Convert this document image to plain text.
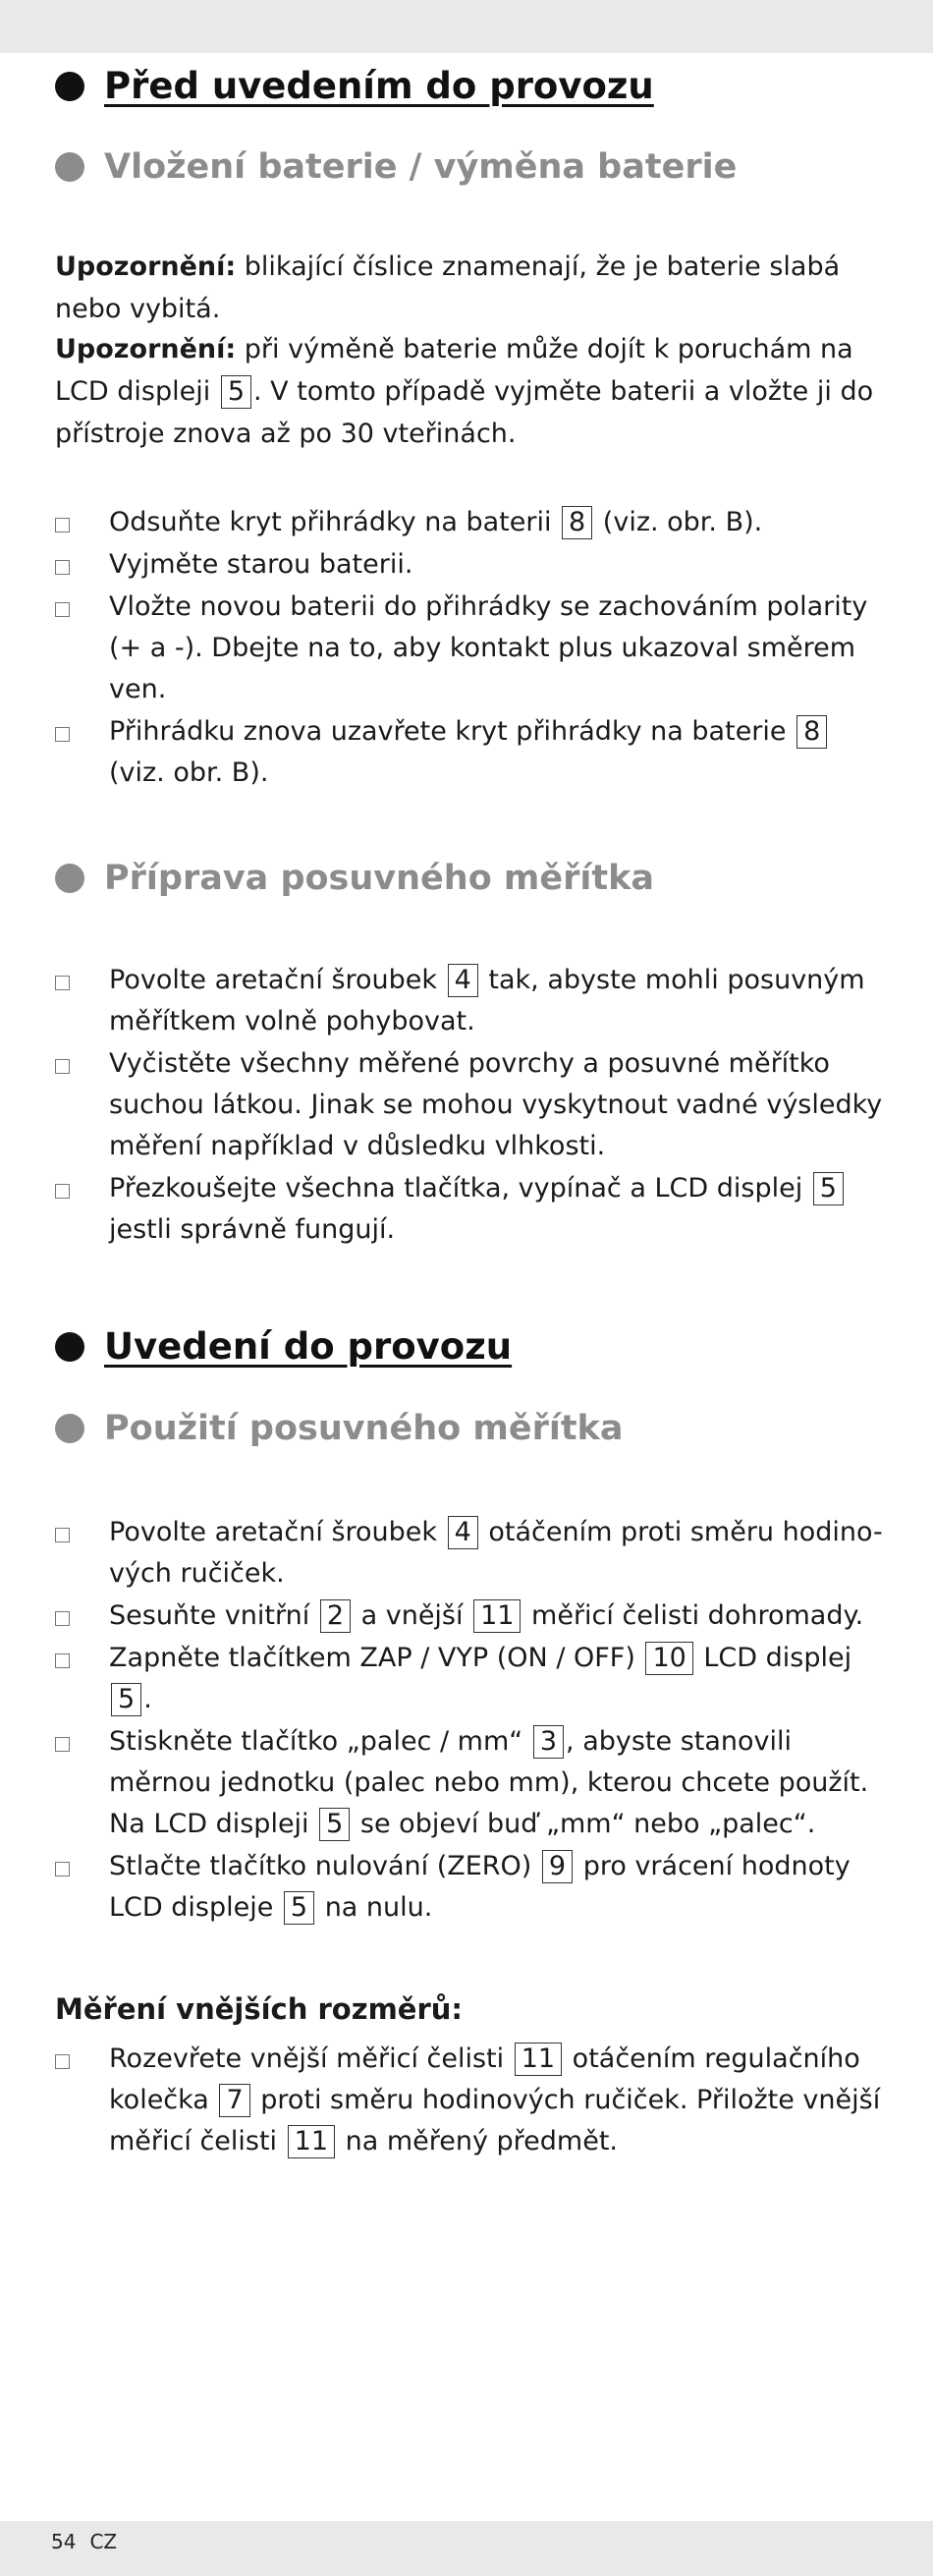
Před uvedením do provozu
Vložení baterie / výměna baterie
Upozornění: blikající číslice znamenají, že je baterie slabá nebo vybitá.
Upozornění: při výměně baterie může dojít k poruchám na LCD displeji 5 . V tomto případě vyjměte baterii a vložte ji do přístroje znova až po 30 vteřinách.
Odsuňte kryt přihrádky na baterii 8 (viz. obr. B).
Vyjměte starou baterii.
Vložte novou baterii do přihrádky se zachováním polarity (+ a -). Dbejte na to, aby kontakt plus ukazoval směrem ven.
Přihrádku znova uzavřete kryt přihrádky na baterie 8 (viz. obr. B).
Příprava posuvného měřítka
Povolte aretační šroubek 4 tak, abyste mohli posuvným měřítkem volně pohybovat.
Vyčistěte všechny měřené povrchy a posuvné měřítko suchou látkou. Jinak se mohou vyskytnout vadné výsledky měření například v důsledku vlhkosti.
Přezkoušejte všechna tlačítka, vypínač a LCD displej 5 jestli správně fungují.
Uvedení do provozu
Použití posuvného měřítka
Povolte aretační šroubek 4 otáčením proti směru hodino- vých ručiček.
Sesuňte vnitřní 2 a vnější 11 měřicí čelisti dohromady.
Zapněte tlačítkem ZAP / VYP (ON / OFF) 10 LCD displej 5 .
Stiskněte tlačítko „palec / mm“ 3 , abyste stanovili měrnou jednotku (palec nebo mm), kterou chcete použít. Na LCD displeji 5 se objeví buď „mm“ nebo „palec“.
Stlačte tlačítko nulování (ZERO) 9 pro vrácení hodnoty LCD displeje 5 na nulu.
Měření vnějších rozměrů:
Rozevřete vnější měřicí čelisti 11 otáčením regulačního kolečka 7 proti směru hodinových ručiček. Přiložte vnější měřicí čelisti 11 na měřený předmět.
54 CZ
